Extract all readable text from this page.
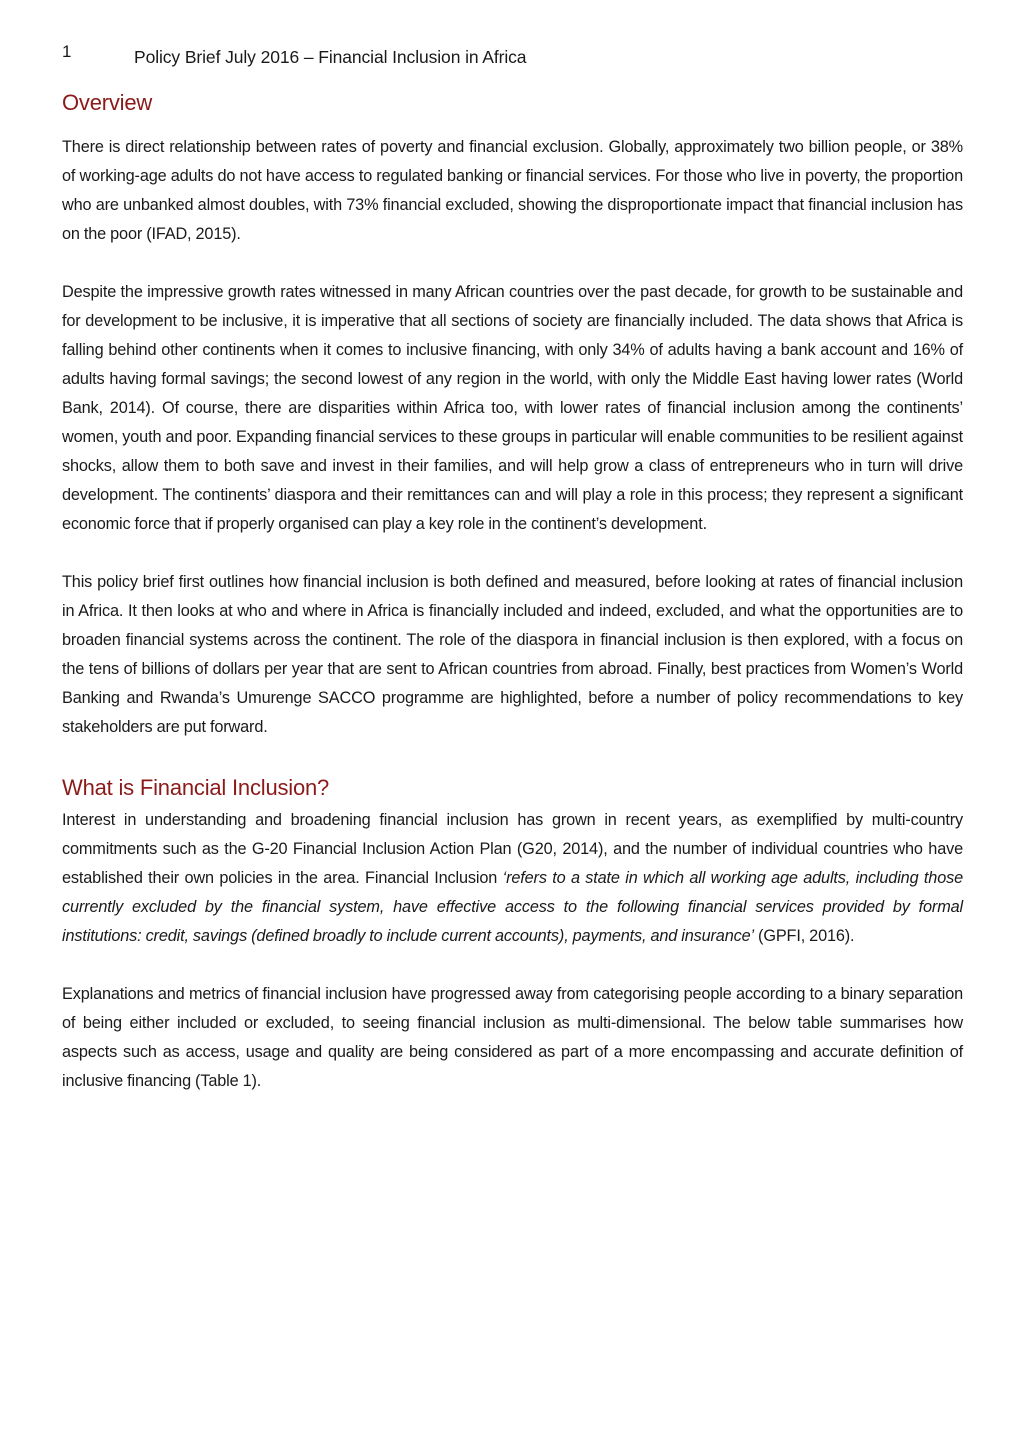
1	Policy Brief July 2016 – Financial Inclusion in Africa
Overview

There is direct relationship between rates of poverty and financial exclusion. Globally, approximately two billion people, or 38% of working-age adults do not have access to regulated banking or financial services. For those who live in poverty, the proportion who are unbanked almost doubles, with 73% financial excluded, showing the disproportionate impact that financial inclusion has on the poor (IFAD, 2015).

Despite the impressive growth rates witnessed in many African countries over the past decade, for growth to be sustainable and for development to be inclusive, it is imperative that all sections of society are financially included. The data shows that Africa is falling behind other continents when it comes to inclusive financing, with only 34% of adults having a bank account and 16% of adults having formal savings; the second lowest of any region in the world, with only the Middle East having lower rates (World Bank, 2014). Of course, there are disparities within Africa too, with lower rates of financial inclusion among the continents’ women, youth and poor. Expanding financial services to these groups in particular will enable communities to be resilient against shocks, allow them to both save and invest in their families, and will help grow a class of entrepreneurs who in turn will drive development. The continents’ diaspora and their remittances can and will play a role in this process; they represent a significant economic force that if properly organised can play a key role in the continent’s development.

This policy brief first outlines how financial inclusion is both defined and measured, before looking at rates of financial inclusion in Africa. It then looks at who and where in Africa is financially included and indeed, excluded, and what the opportunities are to broaden financial systems across the continent. The role of the diaspora in financial inclusion is then explored, with a focus on the tens of billions of dollars per year that are sent to African countries from abroad. Finally, best practices from Women’s World Banking and Rwanda’s Umurenge SACCO programme are highlighted, before a number of policy recommendations to key stakeholders are put forward.

What is Financial Inclusion?

Interest in understanding and broadening financial inclusion has grown in recent years, as exemplified by multi-country commitments such as the G-20 Financial Inclusion Action Plan (G20, 2014), and the number of individual countries who have established their own policies in the area. Financial Inclusion ‘refers to a state in which all working age adults, including those currently excluded by the financial system, have effective access to the following financial services provided by formal institutions: credit, savings (defined broadly to include current accounts), payments, and insurance’ (GPFI, 2016).

Explanations and metrics of financial inclusion have progressed away from categorising people according to a binary separation of being either included or excluded, to seeing financial inclusion as multi-dimensional. The below table summarises how aspects such as access, usage and quality are being considered as part of a more encompassing and accurate definition of inclusive financing (Table 1).
